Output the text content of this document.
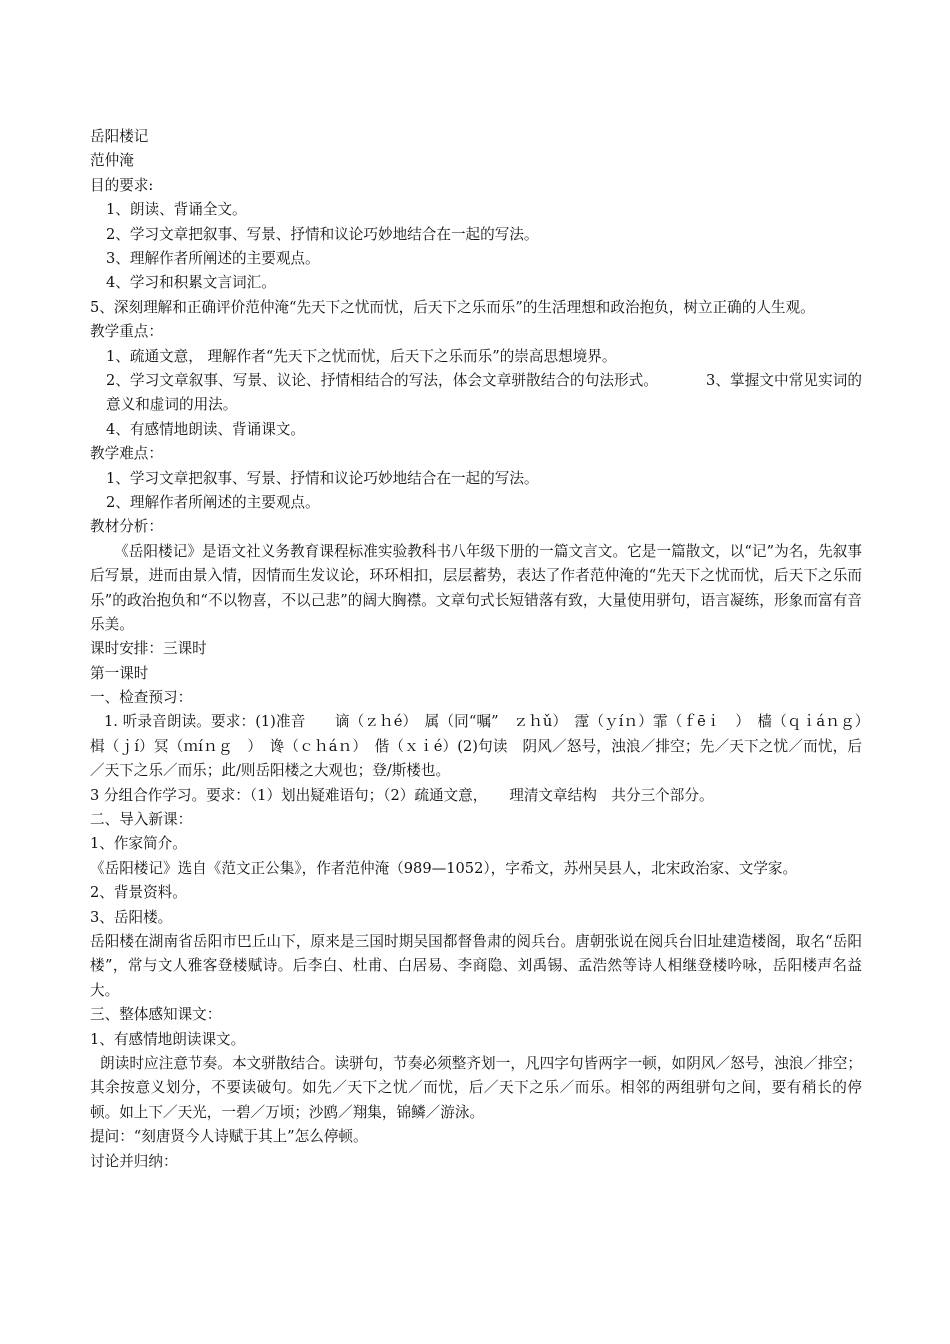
岳阳楼记
范仲淹
目的要求:
1、朗读、背诵全文。
2、学习文章把叙事、写景、抒情和议论巧妙地结合在一起的写法。
3、理解作者所阐述的主要观点。
4、学习和积累文言词汇。
5、深刻理解和正确评价范仲淹“先天下之忧而忧，后天下之乐而乐”的生活理想和政治抱负，树立正确的人生观。
教学重点：
1、疏通文意， 理解作者“先天下之忧而忧，后天下之乐而乐”的崇高思想境界。
2、学习文章叙事、写景、议论、抒情相结合的写法，体会文章骈散结合的句法形式。	3、掌握文中常见实词的意义和虚词的用法。
4、有感情地朗读、背诵课文。
教学难点：
1、学习文章把叙事、写景、抒情和议论巧妙地结合在一起的写法。
2、理解作者所阐述的主要观点。
教材分析：
《岳阳楼记》是语文社义务教育课程标准实验教科书八年级下册的一篇文言文。它是一篇散文，以“记”为名，先叙事后写景，进而由景入情，因情而生发议论，环环相扣，层层蓄势，表达了作者范仲淹的“先天下之忧而忧，后天下之乐而乐”的政治抱负和“不以物喜，不以己悲”的阔大胸襟。文章句式长短错落有致，大量使用骈句，语言凝练，形象而富有音乐美。
课时安排：三课时
第一课时
一、检查预习：
1. 听录音朗读。要求：(1)准音　　谪（ｚｈé）　属（同“嘱”　ｚｈǔ）　霪（ｙíｎ）霏（ｆēｉ　）　樯（ｑｉáｎｇ）　楫（ｊí）冥（ｍíｎｇ　）　谗（ｃｈáｎ）　偕（ｘｉé）(2)句读　阴风／怒号，浊浪／排空；先／天下之忧／而忧，后／天下之乐／而乐；此/则岳阳楼之大观也；登/斯楼也。
3 分组合作学习。要求：（1）划出疑难语句；（2）疏通文意，　　理清文章结构　共分三个部分。
二、导入新课：
1、作家简介。
《岳阳楼记》选自《范文正公集》，作者范仲淹（989—1052），字希文，苏州吴县人，北宋政治家、文学家。
2、背景资料。
3、岳阳楼。
岳阳楼在湖南省岳阳市巴丘山下，原来是三国时期吴国都督鲁肃的阅兵台。唐朝张说在阅兵台旧址建造楼阁，取名“岳阳楼”，常与文人雅客登楼赋诗。后李白、杜甫、白居易、李商隐、刘禹锡、孟浩然等诗人相继登楼吟咏，岳阳楼声名益大。
三、整体感知课文：
1、有感情地朗读课文。
朗读时应注意节奏。本文骈散结合。读骈句，节奏必须整齐划一，凡四字句皆两字一顿，如阴风／怒号，浊浪／排空；其余按意义划分，不要读破句。如先／天下之忧／而忧，后／天下之乐／而乐。相邻的两组骈句之间，要有稍长的停顿。如上下／天光，一碧／万顷；沙鸥／翔集，锦鳞／游泳。
提问：“刻唐贤今人诗赋于其上”怎么停顿。
讨论并归纳：
